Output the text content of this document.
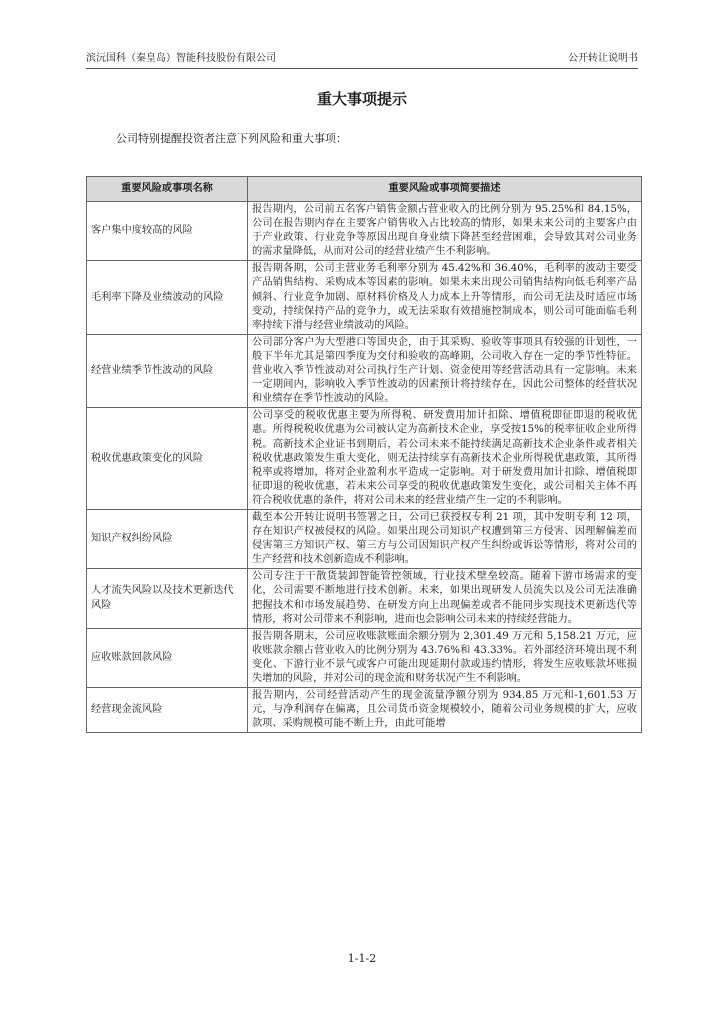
滨沅国科（秦皇岛）智能科技股份有限公司	公开转让说明书
重大事项提示
公司特别提醒投资者注意下列风险和重大事项：
重要风险或事项名称	重要风险或事项简要描述
客户集中度较高的风险	报告期内，公司前五名客户销售金额占营业收入的比例分别为 95.25%和 84.15%，公司在报告期内存在主要客户销售收入占比较高的情形，如果未来公司的主要客户由于产业政策、行业竞争等原因出现自身业绩下降甚至经营困难，会导致其对公司业务的需求量降低，从而对公司的经营业绩产生不利影响。
毛利率下降及业绩波动的风险	报告期各期，公司主营业务毛利率分别为 45.42%和 36.40%，毛利率的波动主要受产品销售结构、采购成本等因素的影响。如果未来出现公司销售结构向低毛利率产品倾斜、行业竞争加剧、原材料价格及人力成本上升等情形，而公司无法及时适应市场变动，持续保持产品的竞争力，或无法采取有效措施控制成本，则公司可能面临毛利率持续下滑与经营业绩波动的风险。
经营业绩季节性波动的风险	公司部分客户为大型港口等国央企，由于其采购、验收等事项具有较强的计划性，一般下半年尤其是第四季度为交付和验收的高峰期，公司收入存在一定的季节性特征。营业收入季节性波动对公司执行生产计划、资金使用等经营活动具有一定影响。未来一定期间内，影响收入季节性波动的因素预计将持续存在，因此公司整体的经营状况和业绩存在季节性波动的风险。
税收优惠政策变化的风险	公司享受的税收优惠主要为所得税、研发费用加计扣除、增值税即征即退的税收优惠。所得税税收优惠为公司被认定为高新技术企业，享受按15%的税率征收企业所得税。高新技术企业证书到期后，若公司未来不能持续满足高新技术企业条件或者相关税收优惠政策发生重大变化，则无法持续享有高新技术企业所得税优惠政策，其所得税率或将增加，将对企业盈利水平造成一定影响。对于研发费用加计扣除、增值税即征即退的税收优惠，若未来公司享受的税收优惠政策发生变化，或公司相关主体不再符合税收优惠的条件，将对公司未来的经营业绩产生一定的不利影响。
知识产权纠纷风险	截至本公开转让说明书签署之日，公司已获授权专利 21 项，其中发明专利 12 项，存在知识产权被侵权的风险。如果出现公司知识产权遭到第三方侵害、因理解偏差而侵害第三方知识产权、第三方与公司因知识产权产生纠纷或诉讼等情形，将对公司的生产经营和技术创新造成不利影响。
人才流失风险以及技术更新迭代风险	公司专注于干散货装卸智能管控领域，行业技术壁垒较高。随着下游市场需求的变化，公司需要不断地进行技术创新。未来，如果出现研发人员流失以及公司无法准确把握技术和市场发展趋势、在研发方向上出现偏差或者不能同步实现技术更新迭代等情形，将对公司带来不利影响，进而也会影响公司未来的持续经营能力。
应收账款回款风险	报告期各期末，公司应收账款账面余额分别为 2,301.49 万元和 5,158.21 万元，应收账款余额占营业收入的比例分别为 43.76%和 43.33%。若外部经济环境出现不利变化、下游行业不景气或客户可能出现延期付款或违约情形，将发生应收账款坏账损失增加的风险，并对公司的现金流和财务状况产生不利影响。
经营现金流风险	报告期内，公司经营活动产生的现金流量净额分别为 934.85 万元和-1,601.53 万元，与净利润存在偏离，且公司货币资金规模较小，随着公司业务规模的扩大，应收款项、采购规模可能不断上升，由此可能增
1-1-2
